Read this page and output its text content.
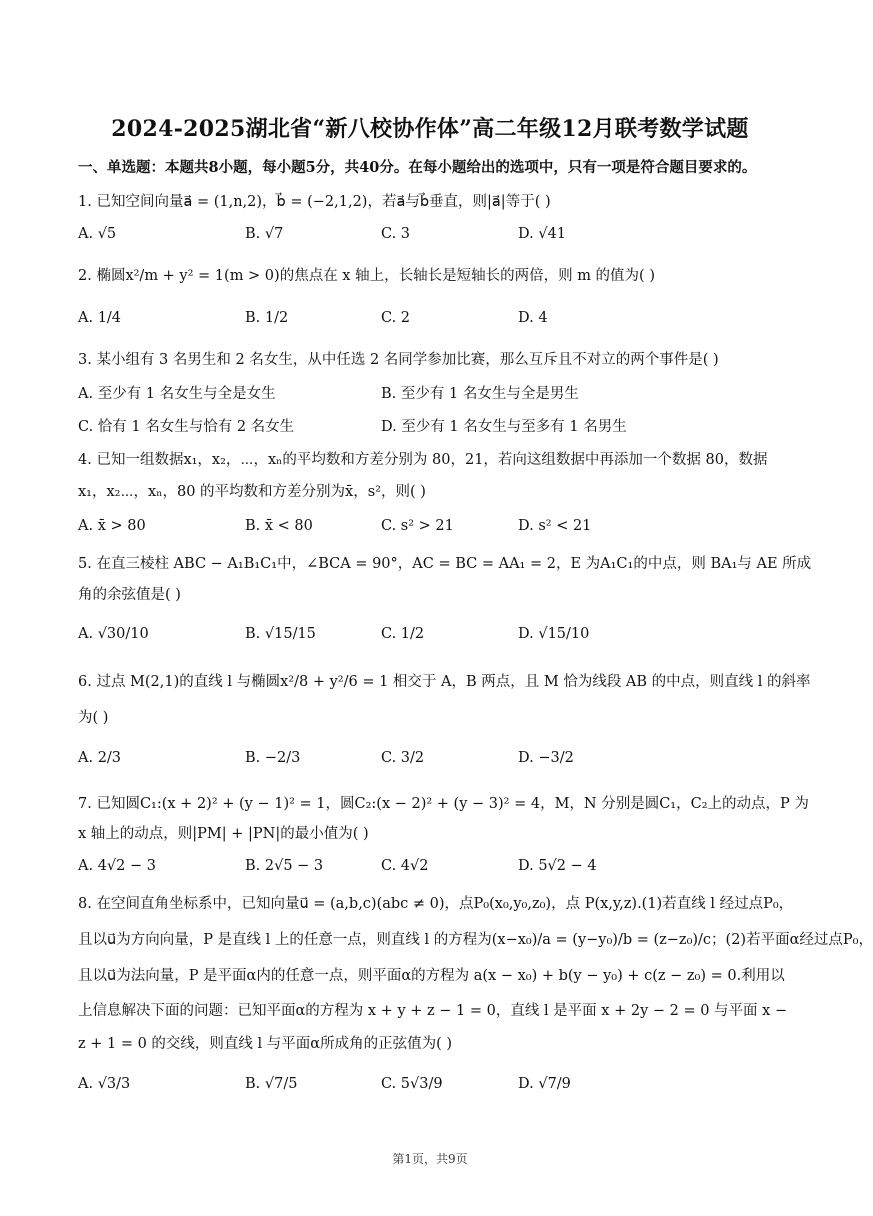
2024-2025湖北省“新八校协作体”高二年级12月联考数学试题
一、单选题：本题共8小题，每小题5分，共40分。在每小题给出的选项中，只有一项是符合题目要求的。
1. 已知空间向量a⃗ = (1,n,2)，b⃗ = (−2,1,2)，若a⃗与b⃗垂直，则|a⃗|等于( )
A. √5	B. √7	C. 3	D. √41
2. 椭圆x²/m + y² = 1(m > 0)的焦点在 x 轴上，长轴长是短轴长的两倍，则 m 的值为( )
A. 1/4	B. 1/2	C. 2	D. 4
3. 某小组有 3 名男生和 2 名女生，从中任选 2 名同学参加比赛，那么互斥且不对立的两个事件是( )
A. 至少有 1 名女生与全是女生	B. 至少有 1 名女生与全是男生
C. 恰有 1 名女生与恰有 2 名女生	D. 至少有 1 名女生与至多有 1 名男生
4. 已知一组数据x₁，x₂，⋯，xₙ的平均数和方差分别为 80，21，若向这组数据中再添加一个数据 80，数据
x₁，x₂⋯，xₙ，80 的平均数和方差分别为x̄，s²，则( )
A. x̄ > 80	B. x̄ < 80	C. s² > 21	D. s² < 21
5. 在直三棱柱 ABC − A₁B₁C₁中，∠BCA = 90°，AC = BC = AA₁ = 2，E 为A₁C₁的中点，则 BA₁与 AE 所成
角的余弦值是( )
A. √30/10	B. √15/15	C. 1/2	D. √15/10
6. 过点 M(2,1)的直线 l 与椭圆x²/8 + y²/6 = 1 相交于 A，B 两点，且 M 恰为线段 AB 的中点，则直线 l 的斜率
为( )
A. 2/3	B. −2/3	C. 3/2	D. −3/2
7. 已知圆C₁:(x + 2)² + (y − 1)² = 1，圆C₂:(x − 2)² + (y − 3)² = 4，M，N 分别是圆C₁，C₂上的动点，P 为
x 轴上的动点，则|PM| + |PN|的最小值为( )
A. 4√2 − 3	B. 2√5 − 3	C. 4√2	D. 5√2 − 4
8. 在空间直角坐标系中，已知向量u⃗ = (a,b,c)(abc ≠ 0)，点P₀(x₀,y₀,z₀)，点 P(x,y,z).(1)若直线 l 经过点P₀，
且以u⃗为方向向量，P 是直线 l 上的任意一点，则直线 l 的方程为(x−x₀)/a = (y−y₀)/b = (z−z₀)/c；(2)若平面α经过点P₀，
且以u⃗为法向量，P 是平面α内的任意一点，则平面α的方程为 a(x − x₀) + b(y − y₀) + c(z − z₀) = 0.利用以
上信息解决下面的问题：已知平面α的方程为 x + y + z − 1 = 0，直线 l 是平面 x + 2y − 2 = 0 与平面 x −
z + 1 = 0 的交线，则直线 l 与平面α所成角的正弦值为( )
A. √3/3	B. √7/5	C. 5√3/9	D. √7/9
第1页，共9页
